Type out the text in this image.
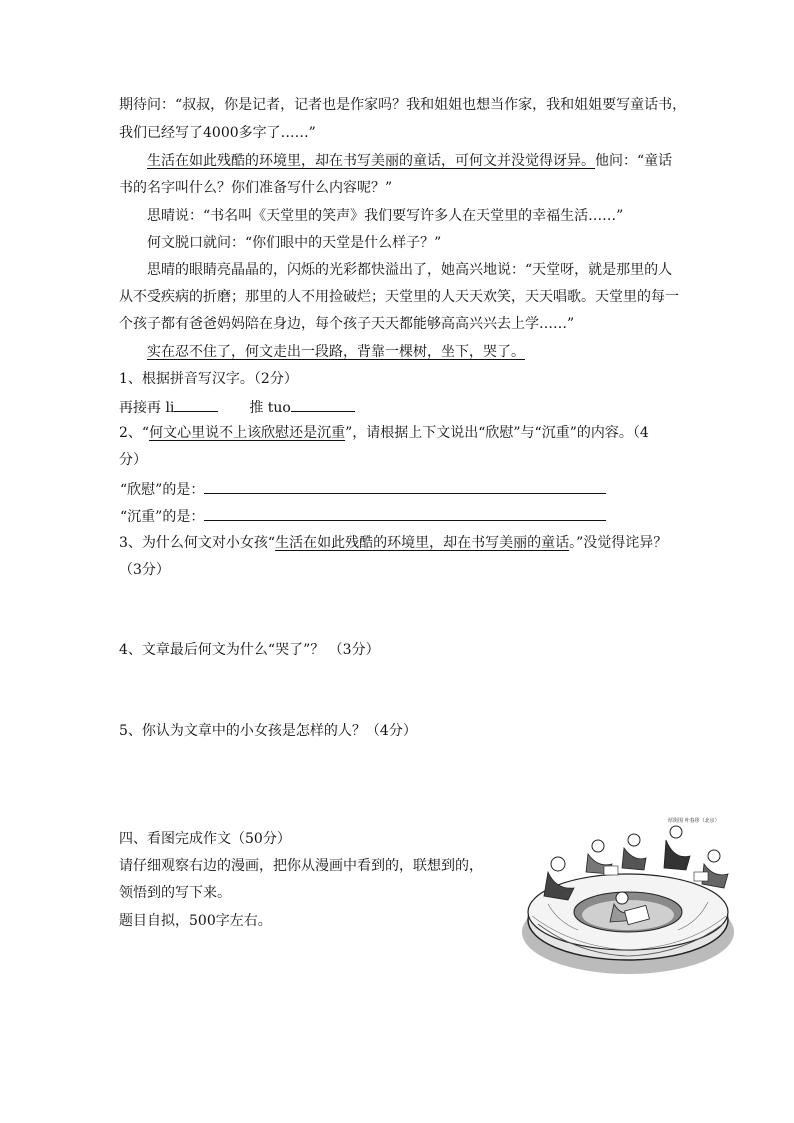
期待问：“叔叔，你是记者，记者也是作家吗？我和姐姐也想当作家，我和姐姐要写童话书，
我们已经写了4000多字了……”
生活在如此残酷的环境里，却在书写美丽的童话，可何文并没觉得讶异。他问：“童话
书的名字叫什么？你们准备写什么内容呢？”
思晴说：“书名叫《天堂里的笑声》我们要写许多人在天堂里的幸福生活……”
何文脱口就问：“你们眼中的天堂是什么样子？”
思晴的眼睛亮晶晶的，闪烁的光彩都快溢出了，她高兴地说：“天堂呀，就是那里的人
从不受疾病的折磨；那里的人不用捡破烂；天堂里的人天天欢笑，天天唱歌。天堂里的每一
个孩子都有爸爸妈妈陪在身边，每个孩子天天都能够高高兴兴去上学……”
实在忍不住了，何文走出一段路，背靠一棵树，坐下，哭了。
1、根据拼音写汉字。（2分）
再接再 li	推 tuo
2、“何文心里说不上该欣慰还是沉重”，请根据上下文说出“欣慰”与“沉重”的内容。（4
分）
“欣慰”的是：
“沉重”的是：
3、为什么何文对小女孩“生活在如此残酷的环境里，却在书写美丽的童话。”没觉得诧异？
（3分）
4、文章最后何文为什么“哭了”？ （3分）
5、你认为文章中的小女孩是怎样的人？（4分）
四、看图完成作文（50分）
请仔细观察右边的漫画，把你从漫画中看到的，联想到的，
领悟到的写下来。
题目自拟，500字左右。
厚街围 叶春彤（北京）
